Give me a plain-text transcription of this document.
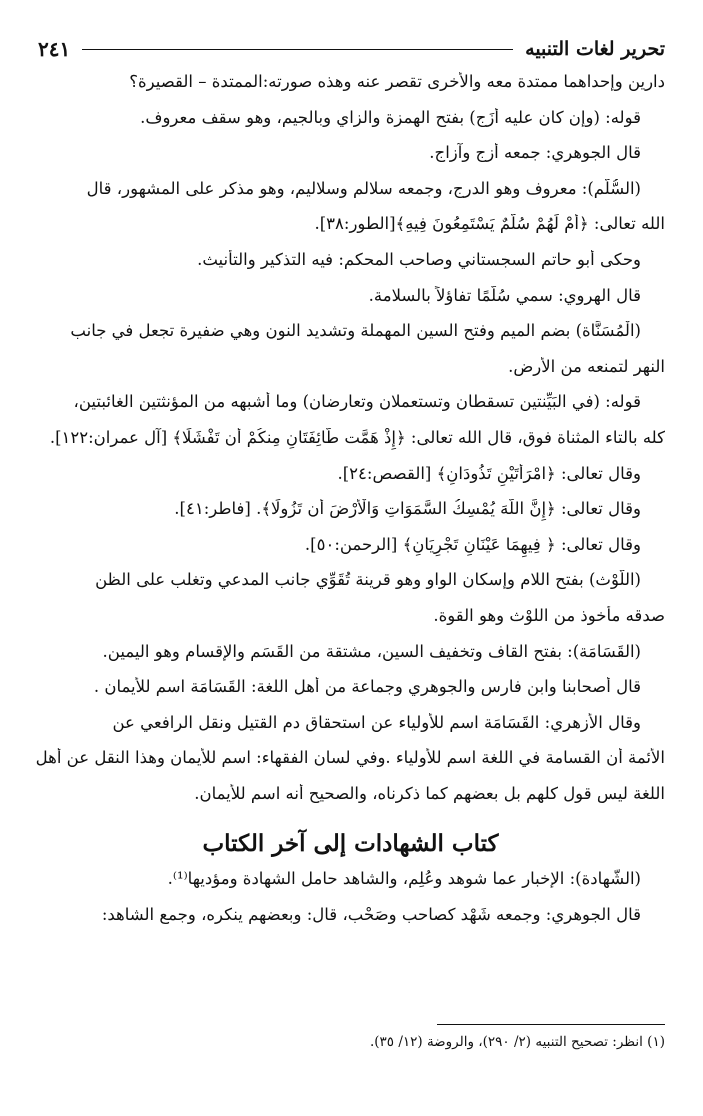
تحرير لغات التنبيه
٢٤١
دارين وإحداهما ممتدة معه والأخرى تقصر عنه وهذه صورته:الممتدة – القصيرة؟
قوله: (وإن كان عليه أزَج) بفتح الهمزة والزاي وبالجيم، وهو سقف معروف.
قال الجوهري: جمعه أزج وآزاج.
(السُّلَّم): معروف وهو الدرج، وجمعه سلالم وسلاليم، وهو مذكر على المشهور، قال
الله تعالى: ﴿أَمْ لَهُمْ سُلَّمٌ يَسْتَمِعُونَ فِيهِ﴾[الطور:٣٨].
وحكى أبو حاتم السجستاني وصاحب المحكم: فيه التذكير والتأنيث.
قال الهروي: سمي سُلَّمًا تفاؤلاً بالسلامة.
(الْمُسَنَّاة) بضم الميم وفتح السين المهملة وتشديد النون وهي ضفيرة تجعل في جانب
النهر لتمنعه من الأرض.
قوله: (في البَيِّنتين تسقطان وتستعملان وتعارضان) وما أشبهه من المؤنثتين الغائبتين،
كله بالتاء المثناة فوق، قال الله تعالى: ﴿إِذْ هَمَّت طَّائِفَتَانِ مِنكُمْ أَن تَفْشَلَا﴾ [آل عمران:١٢٢].
وقال تعالى: ﴿امْرَأَتَيْنِ تَذُودَانِ﴾ [القصص:٢٤].
وقال تعالى: ﴿إِنَّ اللَّهَ يُمْسِكُ السَّمَوَاتِ وَالْأَرْضَ أَن تَزُولَا﴾. [فاطر:٤١].
وقال تعالى: ﴿ فِيهِمَا عَيْنَانِ تَجْرِيَانِ﴾ [الرحمن:٥٠].
(اللَّوْث) بفتح اللام وإسكان الواو وهو قرينة تُقَوِّي جانب المدعي وتغلب على الظن
صدقه مأخوذ من اللوْث وهو القوة.
(القَسَامَة): بفتح القاف وتخفيف السين، مشتقة من القَسَم والإقسام وهو اليمين.
قال أصحابنا وابن فارس والجوهري وجماعة من أهل اللغة: القَسَامَة اسم للأيمان .
وقال الأزهري: القَسَامَة اسم للأولياء عن استحقاق دم القتيل ونقل الرافعي عن
الأئمة أن القسامة في اللغة اسم للأولياء .وفي لسان الفقهاء: اسم للأيمان وهذا النقل عن أهل
اللغة ليس قول كلهم بل بعضهم كما ذكرناه، والصحيح أنه اسم للأيمان.
كتاب الشهادات إلى آخر الكتاب
(الشَّهادة): الإخبار عما شوهد وعُلِم، والشاهد حامل الشهادة ومؤديها⁽¹⁾.
قال الجوهري: وجمعه شَهْد كصاحب وصَحْب، قال: وبعضهم ينكره، وجمع الشاهد:
(١) انظر: تصحيح التنبيه (٢/ ٢٩٠)، والروضة (١٢/ ٣٥).
